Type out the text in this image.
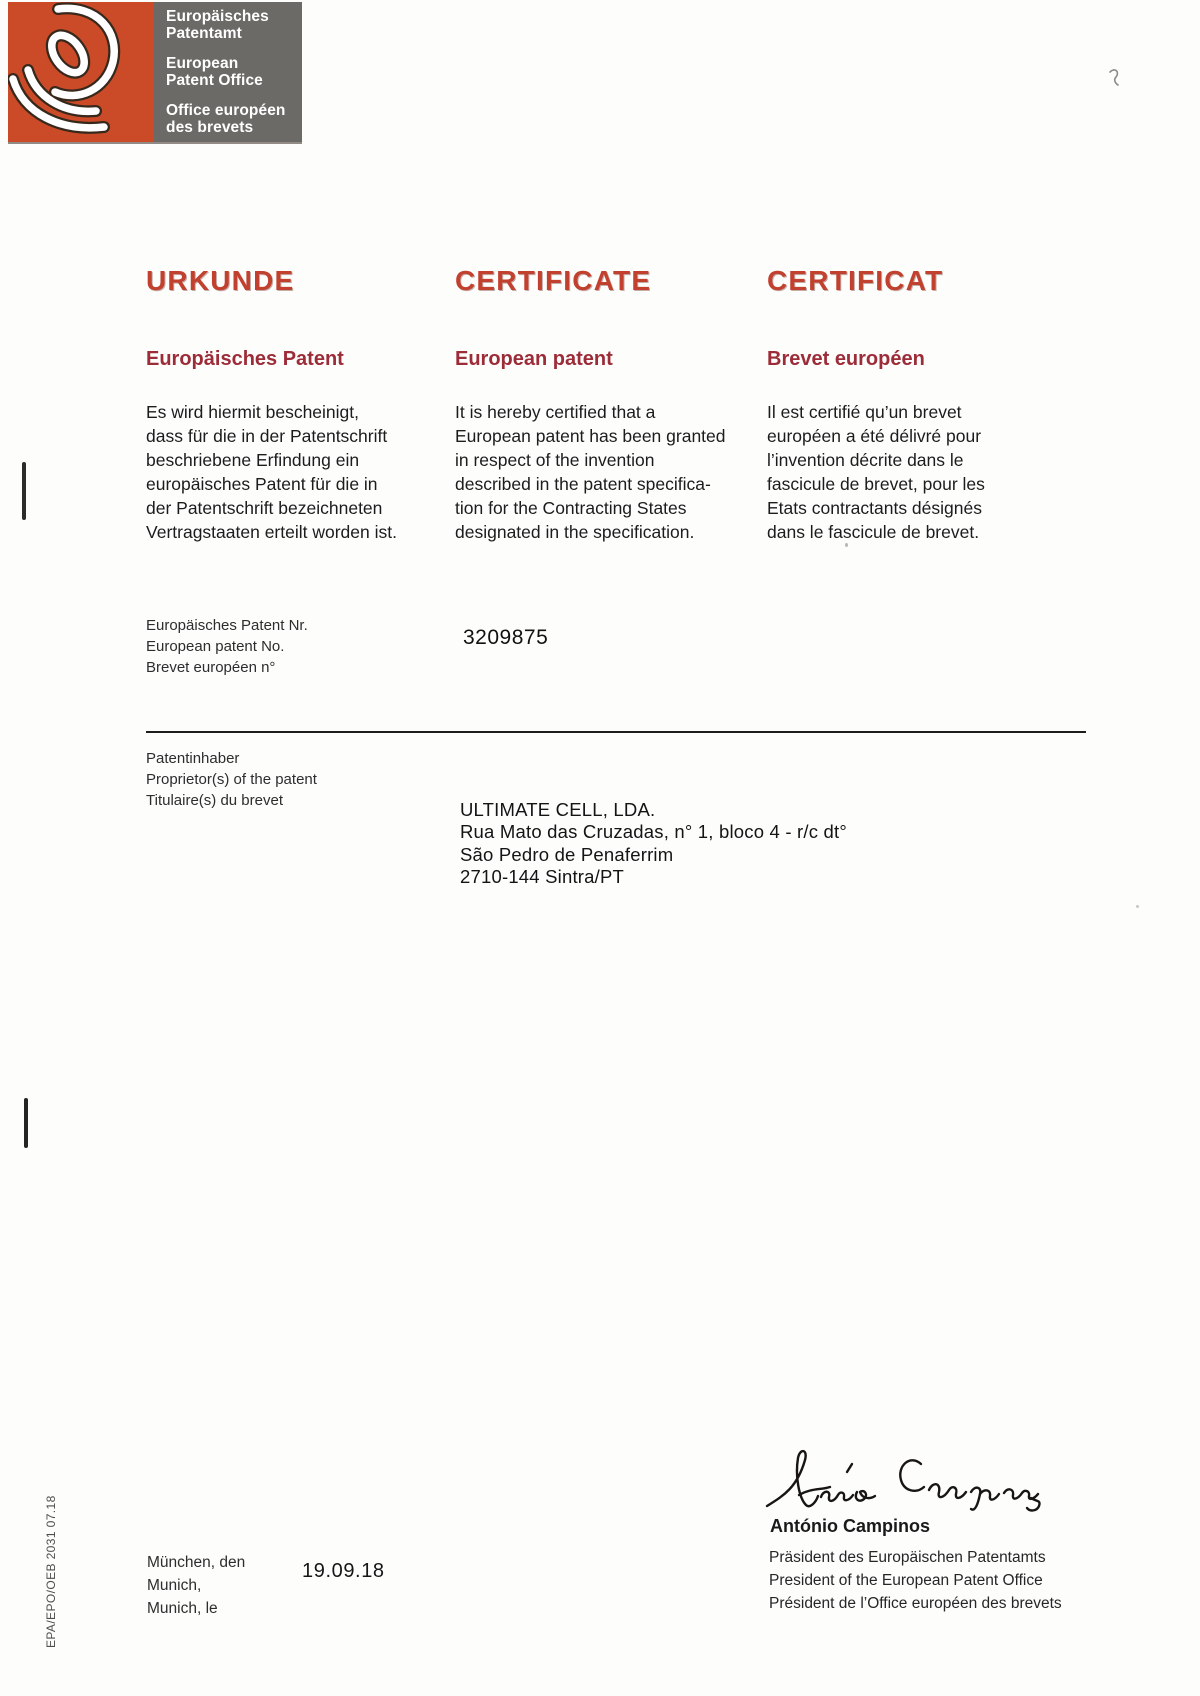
Europäisches
Patentamt
European
Patent Office
Office européen
des brevets
URKUNDE
Europäisches Patent
Es wird hiermit bescheinigt,
dass für die in der Patentschrift
beschriebene Erfindung ein
europäisches Patent für die in
der Patentschrift bezeichneten
Vertragstaaten erteilt worden ist.
CERTIFICATE
European patent
It is hereby certified that a
European patent has been granted
in respect of the invention
described in the patent specifica-
tion for the Contracting States
designated in the specification.
CERTIFICAT
Brevet européen
Il est certifié qu’un brevet
européen a été délivré pour
l’invention décrite dans le
fascicule de brevet, pour les
Etats contractants désignés
dans le fascicule de brevet.
Europäisches Patent Nr.
European patent No.
Brevet européen n°
3209875
Patentinhaber
Proprietor(s) of the patent
Titulaire(s) du brevet	ULTIMATE CELL, LDA.
Rua Mato das Cruzadas, n° 1, bloco 4 - r/c dt°
São Pedro de Penaferrim
2710-144 Sintra/PT
António Campinos
Präsident des Europäischen Patentamts
President of the European Patent Office
Président de l’Office européen des brevets
München, den
Munich,
Munich, le
19.09.18
EPA/EPO/OEB 2031 07.18
